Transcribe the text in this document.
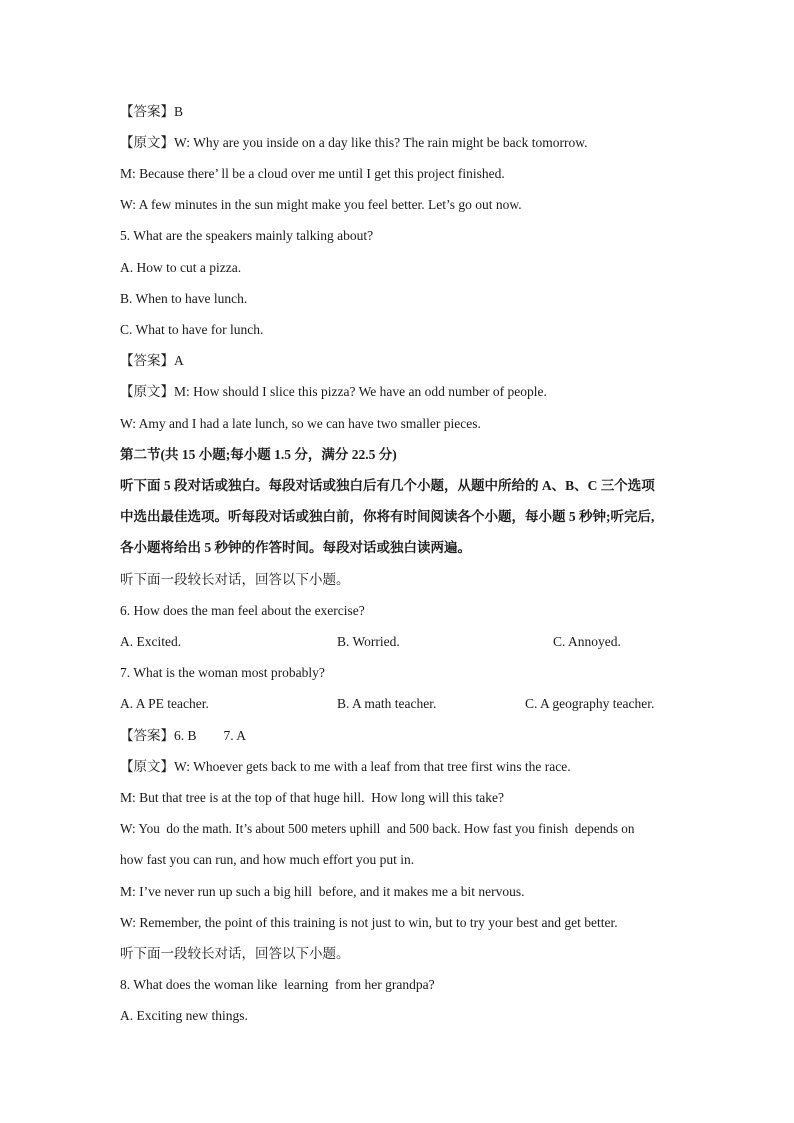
【答案】B
【原文】W: Why are you inside on a day like this? The rain might be back tomorrow.
M: Because there’ ll be a cloud over me until I get this project finished.
W: A few minutes in the sun might make you feel better. Let’s go out now.
5. What are the speakers mainly talking about?
A. How to cut a pizza.
B. When to have lunch.
C. What to have for lunch.
【答案】A
【原文】M: How should I slice this pizza? We have an odd number of people.
W: Amy and I had a late lunch, so we can have two smaller pieces.
第二节(共 15 小题;每小题 1.5 分，满分 22.5 分)
听下面 5 段对话或独白。每段对话或独白后有几个小题，从题中所给的 A、B、C 三个选项
中选出最佳选项。听每段对话或独白前，你将有时间阅读各个小题，每小题 5 秒钟;听完后,
各小题将给出 5 秒钟的作答时间。每段对话或独白读两遍。
听下面一段较长对话，回答以下小题。
6. How does the man feel about the exercise?
A. Excited.	B. Worried.	C. Annoyed.
7. What is the woman most probably?
A. A PE teacher.	B. A math teacher.	C. A geography teacher.
【答案】6. B        7. A
【原文】W: Whoever gets back to me with a leaf from that tree first wins the race.
M: But that tree is at the top of that huge hill.  How long will this take?
W: You  do the math. It’s about 500 meters uphill  and 500 back. How fast you finish  depends on
how fast you can run, and how much effort you put in.
M: I’ve never run up such a big hill  before, and it makes me a bit nervous.
W: Remember, the point of this training is not just to win, but to try your best and get better.
听下面一段较长对话，回答以下小题。
8. What does the woman like  learning  from her grandpa?
A. Exciting new things.
